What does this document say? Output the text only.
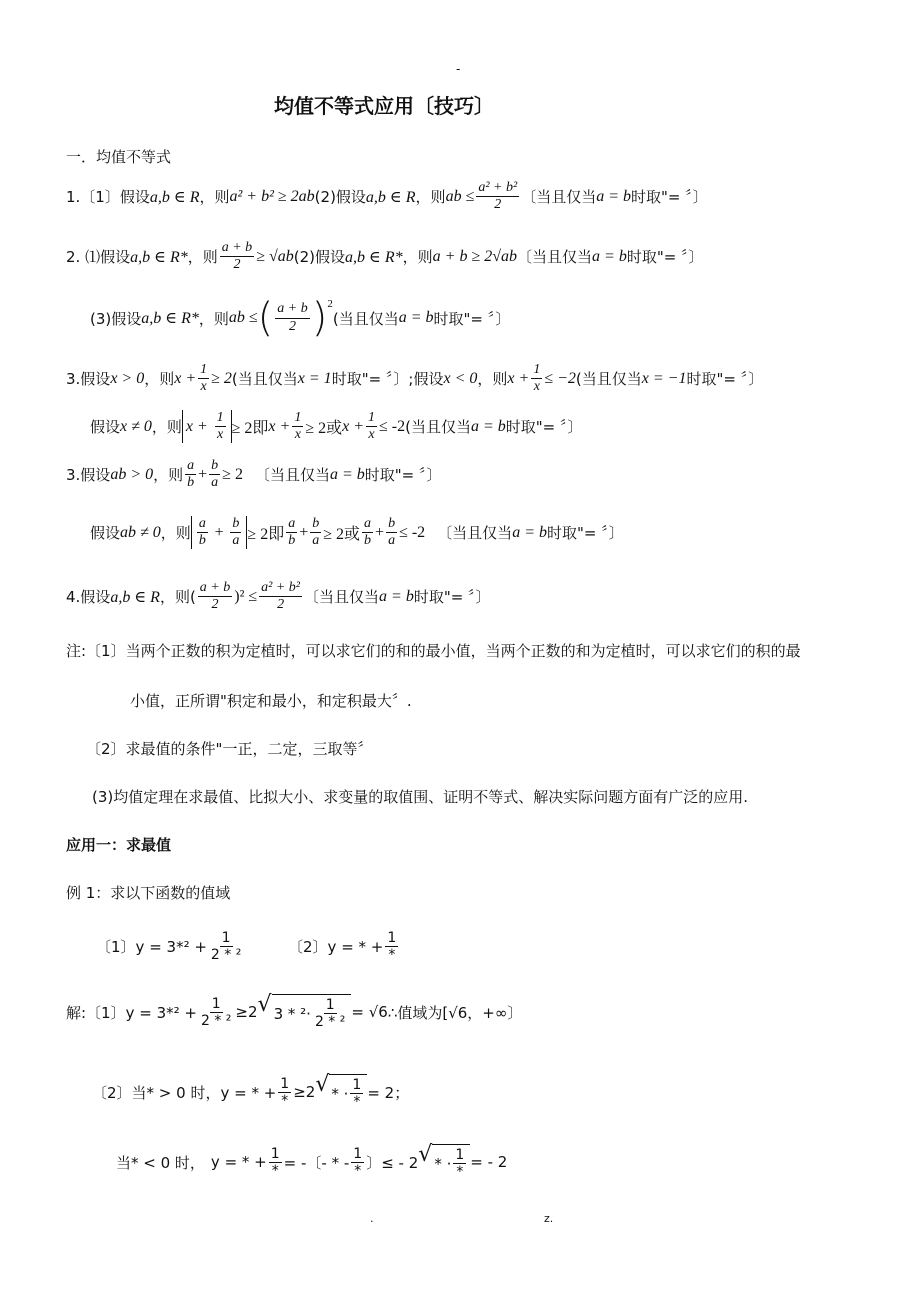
-
均值不等式应用〔技巧〕
一．均值不等式
1.〔1〕假设 a,b ∈ R ，则 a² + b² ≥ 2ab (2)假设 a,b ∈ R ，则 ab ≤ $\frac{\text{a² + b²}}{2}$ 〔当且仅当 a = b 时取"= 〞〕
2. ⑴假设 a,b ∈ R* ，则 $\frac{a + b}{2} \ge √ab$ (2)假设 a,b ∈ R* ，则 a + b ≥ 2√ab 〔当且仅当 a = b 时取"= 〞〕
(3)假设 a,b ∈ R* ，则 ab ≤ ( $\frac{a + b}{2} )^2$
(当且仅当 a = b 时取"= 〞〕
3.假设 x > 0 ，则 $x + \frac{1}{x} \ge 2$ (当且仅当 x = 1 时取"= 〞〕;假设 x < 0 ，则 $x + \frac{1}{x} \le -2$ (当且仅当 x = −1 时取"= 〞〕
假设 x ≠ 0 ，则 $x + \frac{1}{x} \ge 2$即 $x + \frac{1}{x} \ge 2$或 $x + \frac{1}{x} \le -2$ (当且仅当 a = b 时取"= 〞〕
3.假设 ab > 0 ，则 $\frac{a}{b} + \frac{b}{a} \ge 2$ 〔当且仅当 a = b 时取"= 〞〕
假设 ab ≠ 0 ，则 $\frac{a}{b} + \frac{b}{a} \ge 2$即 $\frac{a}{b} + \frac{b}{a} \ge 2$或 $\frac{a}{b} + \frac{b}{a} \le -2$ 〔当且仅当 a = b 时取"= 〞〕
4.假设 a,b ∈ R ，则( $\frac{a + b}{2} )^2 \le \frac{\text{a² + b²}}{2}$ 〔当且仅当 a = b 时取"= 〞〕
注:〔1〕当两个正数的积为定植时，可以求它们的和的最小值，当两个正数的和为定植时，可以求它们的积的最
小值，正所谓"积定和最小，和定积最大〞.
〔2〕求最值的条件"一正，二定，三取等〞
(3)均值定理在求最值、比拟大小、求变量的取值围、证明不等式、解决实际问题方面有广泛的应用.
应用一：求最值
例 1：求以下函数的值域
〔1〕$y = 3*^2 + \frac{1}{\text{2 * ²}}$	〔2〕y = * + $\frac{1}{*}$
解:〔1〕$y = 3*^2 + \frac{1}{\text{2 * ²}} \ge 2$ √ $3 * ^2\cdot \frac{1}{\text{2 * ²}} = √6$ ∴值域为[√6，+∞〕
〔2〕当* > 0 时，y = * + $\frac{1}{*} \ge 2$ √ * · $\frac{1}{*} = 2$；
当* < 0 时， y = * + $\frac{1}{*}$ = -〔- * - $\frac{1}{*}$ 〕≤ - 2 √ * · $\frac{1}{*}$ = - 2
.	z.
